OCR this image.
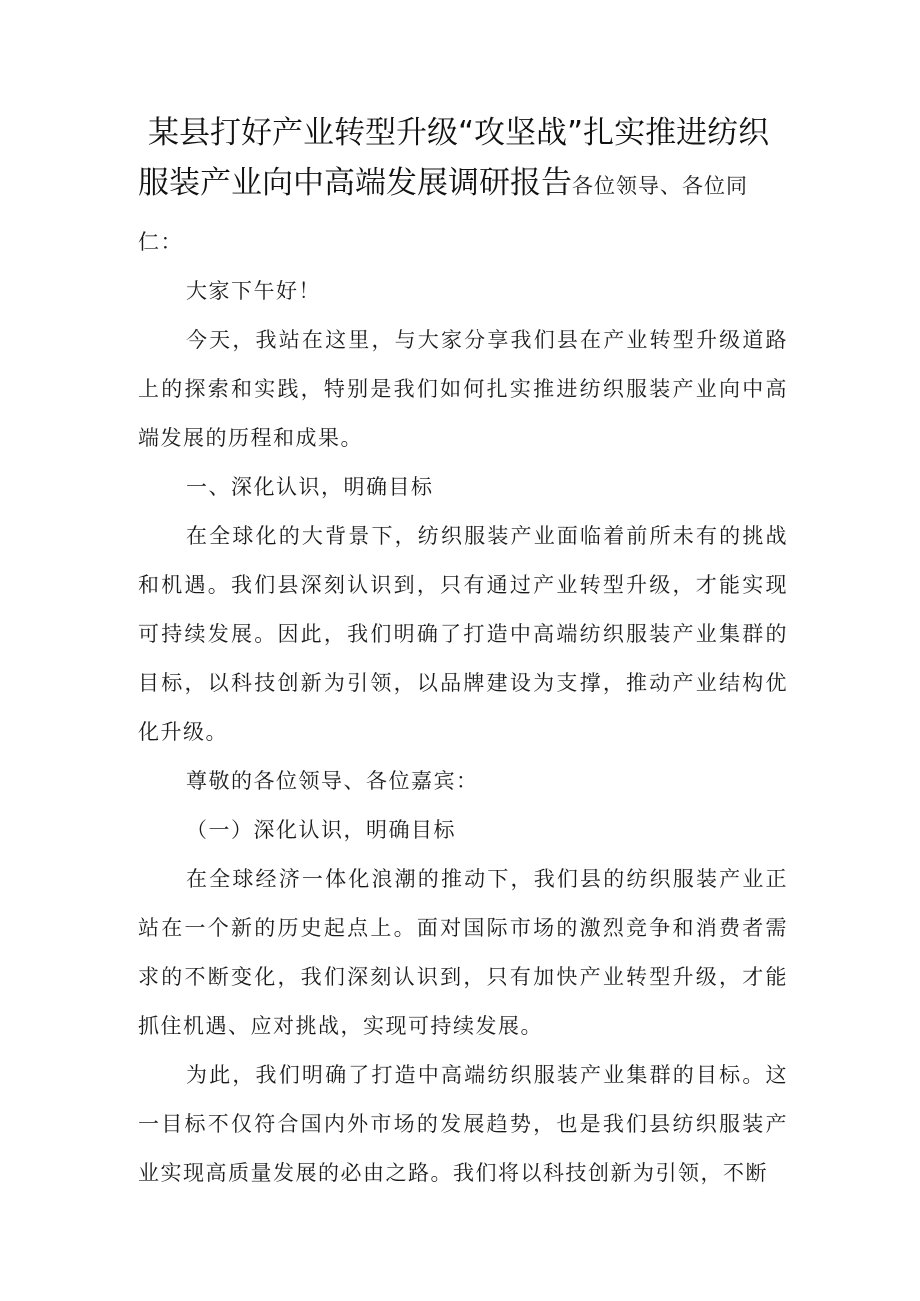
某县打好产业转型升级“攻坚战”扎实推进纺织服装产业向中高端发展调研报告各位领导、各位同

仁：

大家下午好！

今天，我站在这里，与大家分享我们县在产业转型升级道路上的探索和实践，特别是我们如何扎实推进纺织服装产业向中高端发展的历程和成果。

一、深化认识，明确目标

在全球化的大背景下，纺织服装产业面临着前所未有的挑战和机遇。我们县深刻认识到，只有通过产业转型升级，才能实现可持续发展。因此，我们明确了打造中高端纺织服装产业集群的目标，以科技创新为引领，以品牌建设为支撑，推动产业结构优化升级。

尊敬的各位领导、各位嘉宾：

（一）深化认识，明确目标

在全球经济一体化浪潮的推动下，我们县的纺织服装产业正站在一个新的历史起点上。面对国际市场的激烈竞争和消费者需求的不断变化，我们深刻认识到，只有加快产业转型升级，才能抓住机遇、应对挑战，实现可持续发展。

为此，我们明确了打造中高端纺织服装产业集群的目标。这一目标不仅符合国内外市场的发展趋势，也是我们县纺织服装产业实现高质量发展的必由之路。我们将以科技创新为引领，不断
